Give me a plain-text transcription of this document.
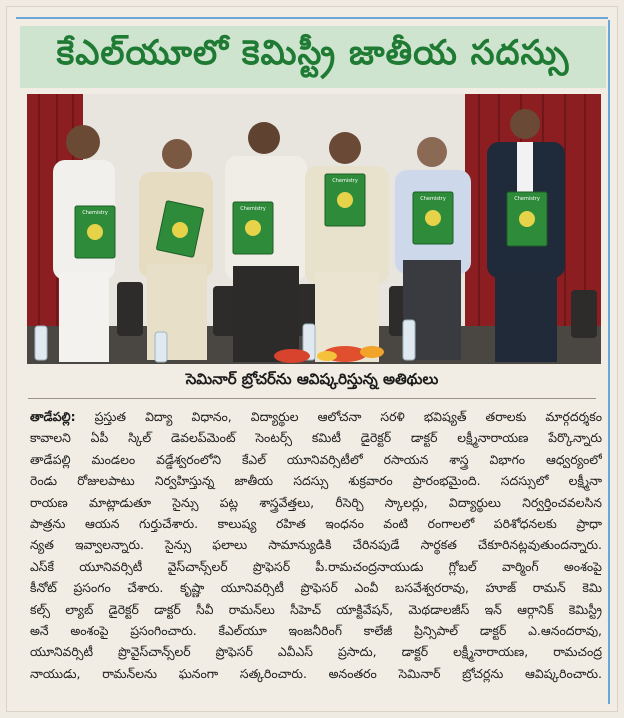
కేఎల్‌యూలో కెమిస్ట్రీ జాతీయ సదస్సు
Chemistry
Chemistry
Chemistry
Chemistry	Chemistry
సెమినార్ బ్రోచర్‌ను ఆవిష్కరిస్తున్న అతిథులు
తాడేపల్లి: ప్రస్తుత విద్యా విధానం, విద్యార్థుల ఆలోచనా సరళి భవిష్యత్ తరాలకు మార్గదర్శకం
కావాలని ఏపీ స్కిల్ డెవలప్‌మెంట్ సెంటర్స్ కమిటీ డైరెక్టర్ డాక్టర్ లక్ష్మీనారాయణ పేర్కొన్నారు
తాడేపల్లి మండలం వడ్డేశ్వరంలోని కేఎల్ యూనివర్సిటీలో రసాయన శాస్త్ర విభాగం ఆధ్వర్యంలో
రెండు రోజులపాటు నిర్వహిస్తున్న జాతీయ సదస్సు శుక్రవారం ప్రారంభమైంది. సదస్సులో లక్ష్మీనా
రాయణ మాట్లాడుతూ సైన్సు పట్ల శాస్త్రవేత్తలు, రీసెర్చి స్కాలర్లు, విద్యార్థులు నిర్వర్తించవలసిన
పాత్రను ఆయన గుర్తుచేశారు. కాలుష్య రహిత ఇంధనం వంటి రంగాలలో పరిశోధనలకు ప్రాధా
న్యత ఇవ్వాలన్నారు. సైన్సు ఫలాలు సామాన్యుడికి చేరినపుడే సార్థకత చేకూరినట్లవుతుందన్నారు.
ఎస్‌కే యూనివర్సిటీ వైస్‌చాన్స్‌లర్ ప్రొఫెసర్ పీ.రామచంద్రనాయుడు గ్లోబల్ వార్మింగ్ అంశంపై
కీనోట్ ప్రసంగం చేశారు. కృష్ణా యూనివర్సిటీ ప్రొఫెసర్ ఎంవీ బసవేశ్వరరావు, హూజ్ రామన్ కెమి
కల్స్ ల్యాబ్ డైరెక్టర్ డాక్టర్ సీవీ రామన్‌లు సీహెచ్ యాక్టివేషన్, మెథడాలజీస్ ఇన్ ఆర్గానిక్ కెమిస్ట్రీ
అనే అంశంపై ప్రసంగించారు. కేఎల్‌యూ ఇంజనీరింగ్ కాలేజీ ప్రిన్సిపాల్ డాక్టర్ ఎ.ఆనందరావు,
యూనివర్సిటీ ప్రొవైస్‌చాన్స్‌లర్ ప్రొఫెసర్ ఎవీఎస్ ప్రసాదు, డాక్టర్ లక్ష్మీనారాయణ, రామచంద్ర
నాయుడు, రామన్‌లను ఘనంగా సత్కరించారు. అనంతరం సెమినార్ బ్రోచర్లను ఆవిష్కరించారు.
